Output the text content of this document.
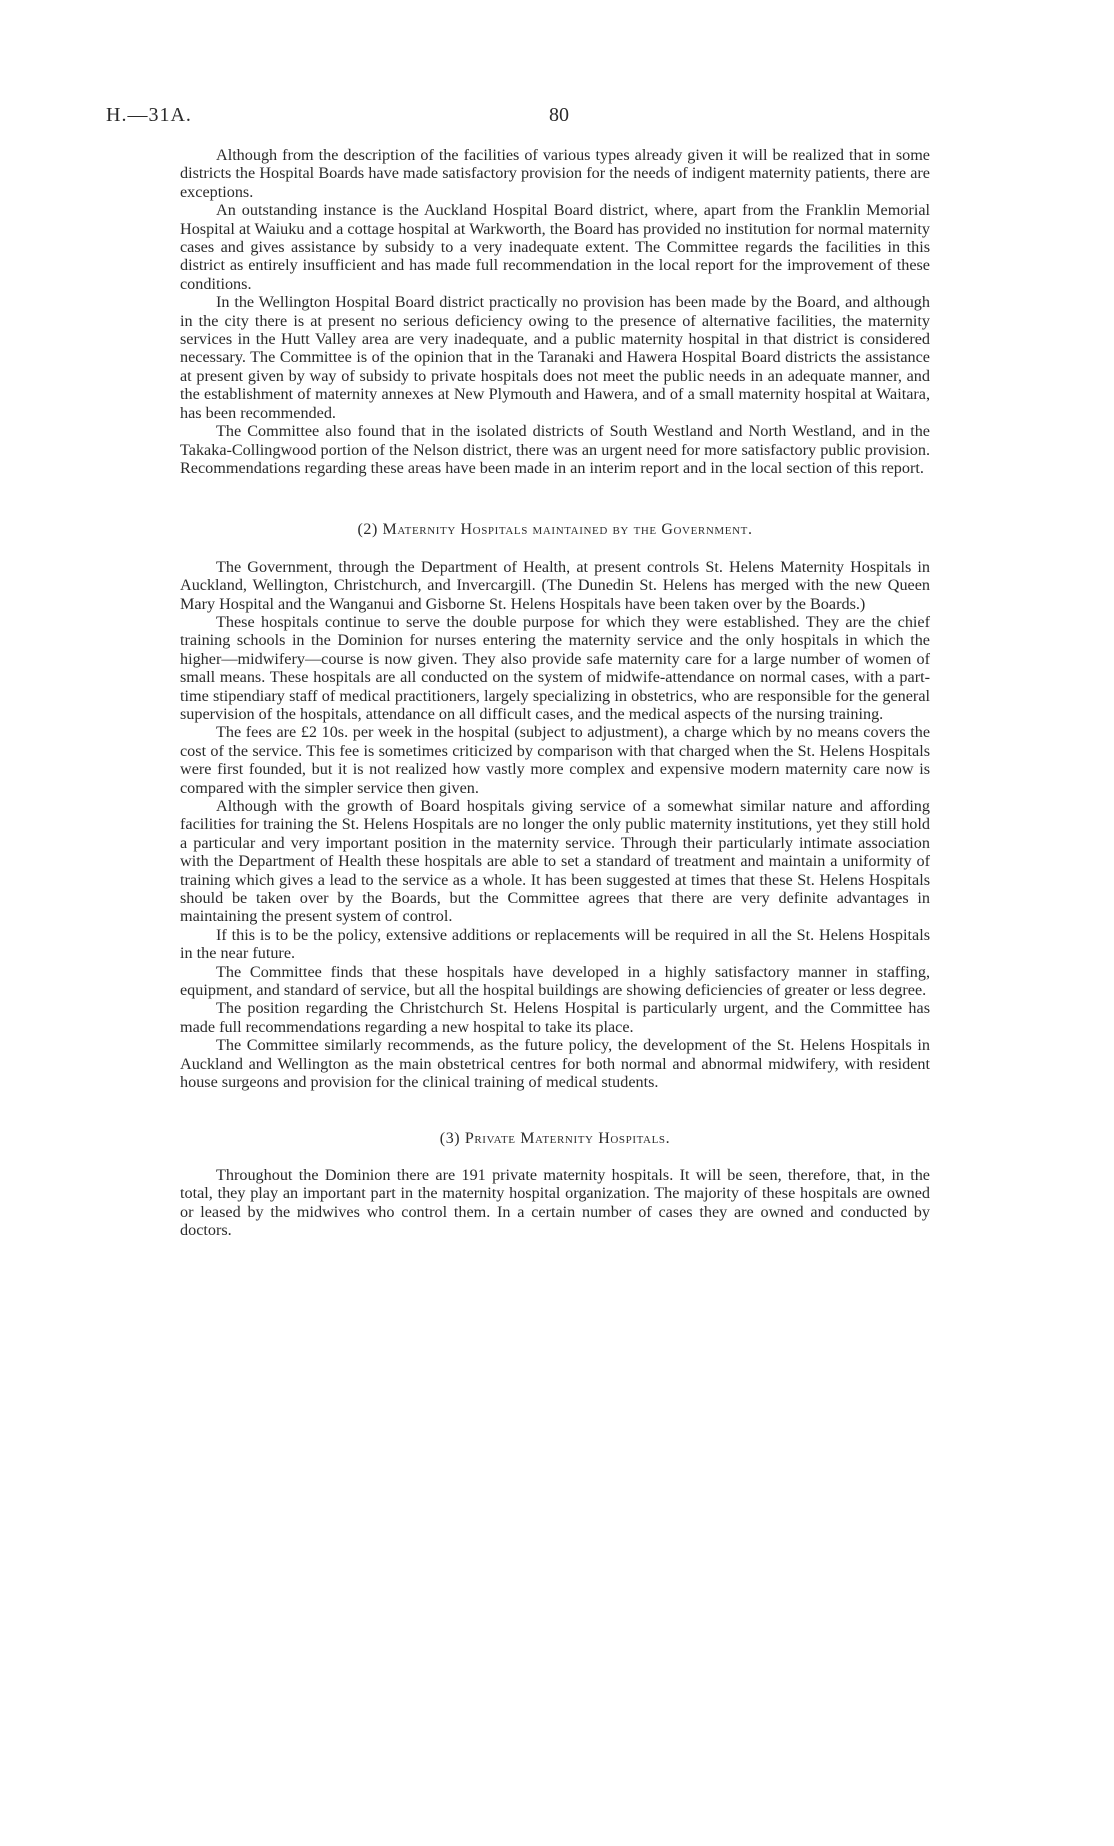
H.—31A.	80

Although from the description of the facilities of various types already given it will be realized that in some districts the Hospital Boards have made satisfactory provision for the needs of indigent maternity patients, there are exceptions.

An outstanding instance is the Auckland Hospital Board district, where, apart from the Franklin Memorial Hospital at Waiuku and a cottage hospital at Warkworth, the Board has provided no institution for normal maternity cases and gives assistance by subsidy to a very inadequate extent. The Committee regards the facilities in this district as entirely insufficient and has made full recommendation in the local report for the improvement of these conditions.

In the Wellington Hospital Board district practically no provision has been made by the Board, and although in the city there is at present no serious deficiency owing to the presence of alternative facilities, the maternity services in the Hutt Valley area are very inadequate, and a public maternity hospital in that district is considered necessary. The Committee is of the opinion that in the Taranaki and Hawera Hospital Board districts the assistance at present given by way of subsidy to private hospitals does not meet the public needs in an adequate manner, and the establishment of maternity annexes at New Plymouth and Hawera, and of a small maternity hospital at Waitara, has been recommended.

The Committee also found that in the isolated districts of South Westland and North Westland, and in the Takaka-Collingwood portion of the Nelson district, there was an urgent need for more satisfactory public provision. Recommendations regarding these areas have been made in an interim report and in the local section of this report.

(2) Maternity Hospitals maintained by the Government.

The Government, through the Department of Health, at present controls St. Helens Maternity Hospitals in Auckland, Wellington, Christchurch, and Invercargill. (The Dunedin St. Helens has merged with the new Queen Mary Hospital and the Wanganui and Gisborne St. Helens Hospitals have been taken over by the Boards.)

These hospitals continue to serve the double purpose for which they were established. They are the chief training schools in the Dominion for nurses entering the maternity service and the only hospitals in which the higher—midwifery—course is now given. They also provide safe maternity care for a large number of women of small means. These hospitals are all conducted on the system of midwife-attendance on normal cases, with a part-time stipendiary staff of medical practitioners, largely specializing in obstetrics, who are responsible for the general supervision of the hospitals, attendance on all difficult cases, and the medical aspects of the nursing training.

The fees are £2 10s. per week in the hospital (subject to adjustment), a charge which by no means covers the cost of the service. This fee is sometimes criticized by comparison with that charged when the St. Helens Hospitals were first founded, but it is not realized how vastly more complex and expensive modern maternity care now is compared with the simpler service then given.

Although with the growth of Board hospitals giving service of a somewhat similar nature and affording facilities for training the St. Helens Hospitals are no longer the only public maternity institutions, yet they still hold a particular and very important position in the maternity service. Through their particularly intimate association with the Department of Health these hospitals are able to set a standard of treatment and maintain a uniformity of training which gives a lead to the service as a whole. It has been suggested at times that these St. Helens Hospitals should be taken over by the Boards, but the Committee agrees that there are very definite advantages in maintaining the present system of control.

If this is to be the policy, extensive additions or replacements will be required in all the St. Helens Hospitals in the near future.

The Committee finds that these hospitals have developed in a highly satisfactory manner in staffing, equipment, and standard of service, but all the hospital buildings are showing deficiencies of greater or less degree.

The position regarding the Christchurch St. Helens Hospital is particularly urgent, and the Committee has made full recommendations regarding a new hospital to take its place.

The Committee similarly recommends, as the future policy, the development of the St. Helens Hospitals in Auckland and Wellington as the main obstetrical centres for both normal and abnormal midwifery, with resident house surgeons and provision for the clinical training of medical students.

(3) Private Maternity Hospitals.

Throughout the Dominion there are 191 private maternity hospitals. It will be seen, therefore, that, in the total, they play an important part in the maternity hospital organization. The majority of these hospitals are owned or leased by the midwives who control them. In a certain number of cases they are owned and conducted by doctors.
